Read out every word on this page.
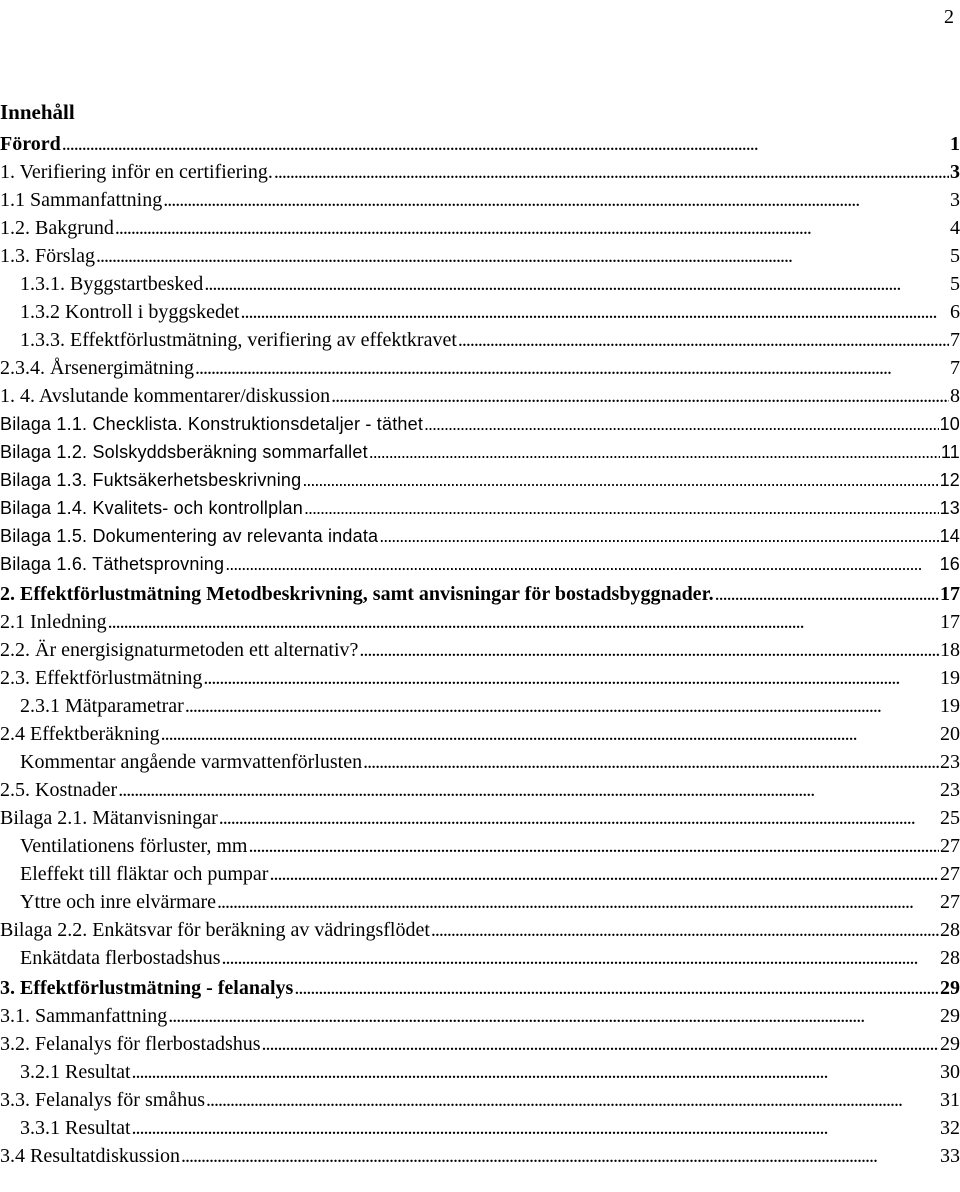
2
Innehåll
Förord . . .	1
1. Verifiering inför en certifiering. . . .	3
1.1 Sammanfattning . . .	3
1.2. Bakgrund . . .	4
1.3. Förslag . . .	5
1.3.1. Byggstartbesked . . .	5
1.3.2 Kontroll i byggskedet . . .	6
1.3.3. Effektförlustmätning, verifiering av effektkravet . . .	7
2.3.4. Årsenergimätning . . .	7
1. 4. Avslutande kommentarer/diskussion . . .	8
Bilaga 1.1. Checklista. Konstruktionsdetaljer - täthet . . .	10
Bilaga 1.2. Solskyddsberäkning sommarfallet . . .	11
Bilaga 1.3. Fuktsäkerhetsbeskrivning . . .	12
Bilaga 1.4. Kvalitets- och kontrollplan . . .	13
Bilaga 1.5. Dokumentering av relevanta indata . . .	14
Bilaga 1.6. Täthetsprovning . . .	16
2. Effektförlustmätning Metodbeskrivning, samt anvisningar för bostadsbyggnader. . . .	17
2.1 Inledning . . .	17
2.2. Är energisignaturmetoden ett alternativ? . . .	18
2.3. Effektförlustmätning . . .	19
2.3.1 Mätparametrar . . .	19
2.4 Effektberäkning . . .	20
Kommentar angående varmvattenförlusten . . .	23
2.5. Kostnader . . .	23
Bilaga 2.1. Mätanvisningar . . .	25
Ventilationens förluster, mm . . .	27
Eleffekt till fläktar och pumpar . . .	27
Yttre och inre elvärmare . . .	27
Bilaga 2.2. Enkätsvar för beräkning av vädringsflödet . . .	28
Enkätdata flerbostadshus . . .	28
3. Effektförlustmätning - felanalys . . .	29
3.1. Sammanfattning . . .	29
3.2. Felanalys för flerbostadshus . . .	29
3.2.1 Resultat . . .	30
3.3. Felanalys för småhus . . .	31
3.3.1 Resultat . . .	32
3.4 Resultatdiskussion . . .	33
